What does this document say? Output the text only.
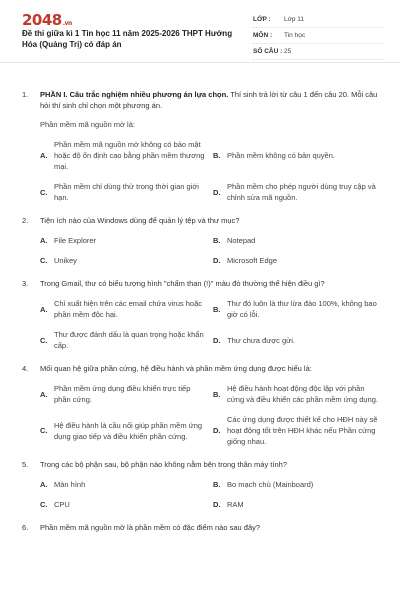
2048.vn
Đề thi giữa kì 1 Tin học 11 năm 2025-2026 THPT Hướng Hóa (Quảng Trị) có đáp án
LỚP :	Lớp 11
MÔN :	Tin học
SỐ CÂU : 25
1. PHẦN I. Câu trắc nghiệm nhiều phương án lựa chọn. Thí sinh trả lời từ câu 1 đến câu 20. Mỗi câu hỏi thí sinh chỉ chọn một phương án.
Phần mềm mã nguồn mở là:
A.
Phần mềm mã nguồn mở không có bảo mật hoặc độ ổn định cao bằng phần mềm thương mại.
B. Phần mềm không có bản quyền.
C.
Phần mềm chỉ dùng thử trong thời gian giới hạn.
D.
Phần mềm cho phép người dùng truy cập và chỉnh sửa mã nguồn.
2. Tiện ích nào của Windows dùng để quản lý tệp và thư mục?
A. File Explorer	B. Notepad
C. Unikey	D. Microsoft Edge
3. Trong Gmail, thư có biểu tượng hình "chấm than (!)" màu đỏ thường thể hiện điều gì?
A.
Chỉ xuất hiện trên các email chứa virus hoặc phần mềm độc hại.
B.
Thư đó luôn là thư lừa đảo 100%, không bao giờ có lỗi.
C.
Thư được đánh dấu là quan trọng hoặc khẩn cấp.
D. Thư chưa được gửi.
4. Mối quan hệ giữa phần cứng, hệ điều hành và phần mềm ứng dụng được hiểu là:
A.
Phần mềm ứng dụng điều khiển trực tiếp phần cứng.
B.
Hệ điều hành hoạt động độc lập với phần cứng và điều khiển các phần mềm ứng dụng.
C.
Hệ điều hành là cầu nối giúp phần mềm ứng dụng giao tiếp và điều khiển phần cứng.
D.
Các ứng dụng được thiết kế cho HĐH này sẽ hoạt động tốt trên HĐH khác nếu Phần cứng giống nhau.
5. Trong các bộ phận sau, bộ phận nào không nằm bên trong thân máy tính?
A. Màn hình	B. Bo mạch chủ (Mainboard)
C. CPU	D. RAM
6. Phần mềm mã nguồn mở là phần mềm có đặc điểm nào sau đây?
